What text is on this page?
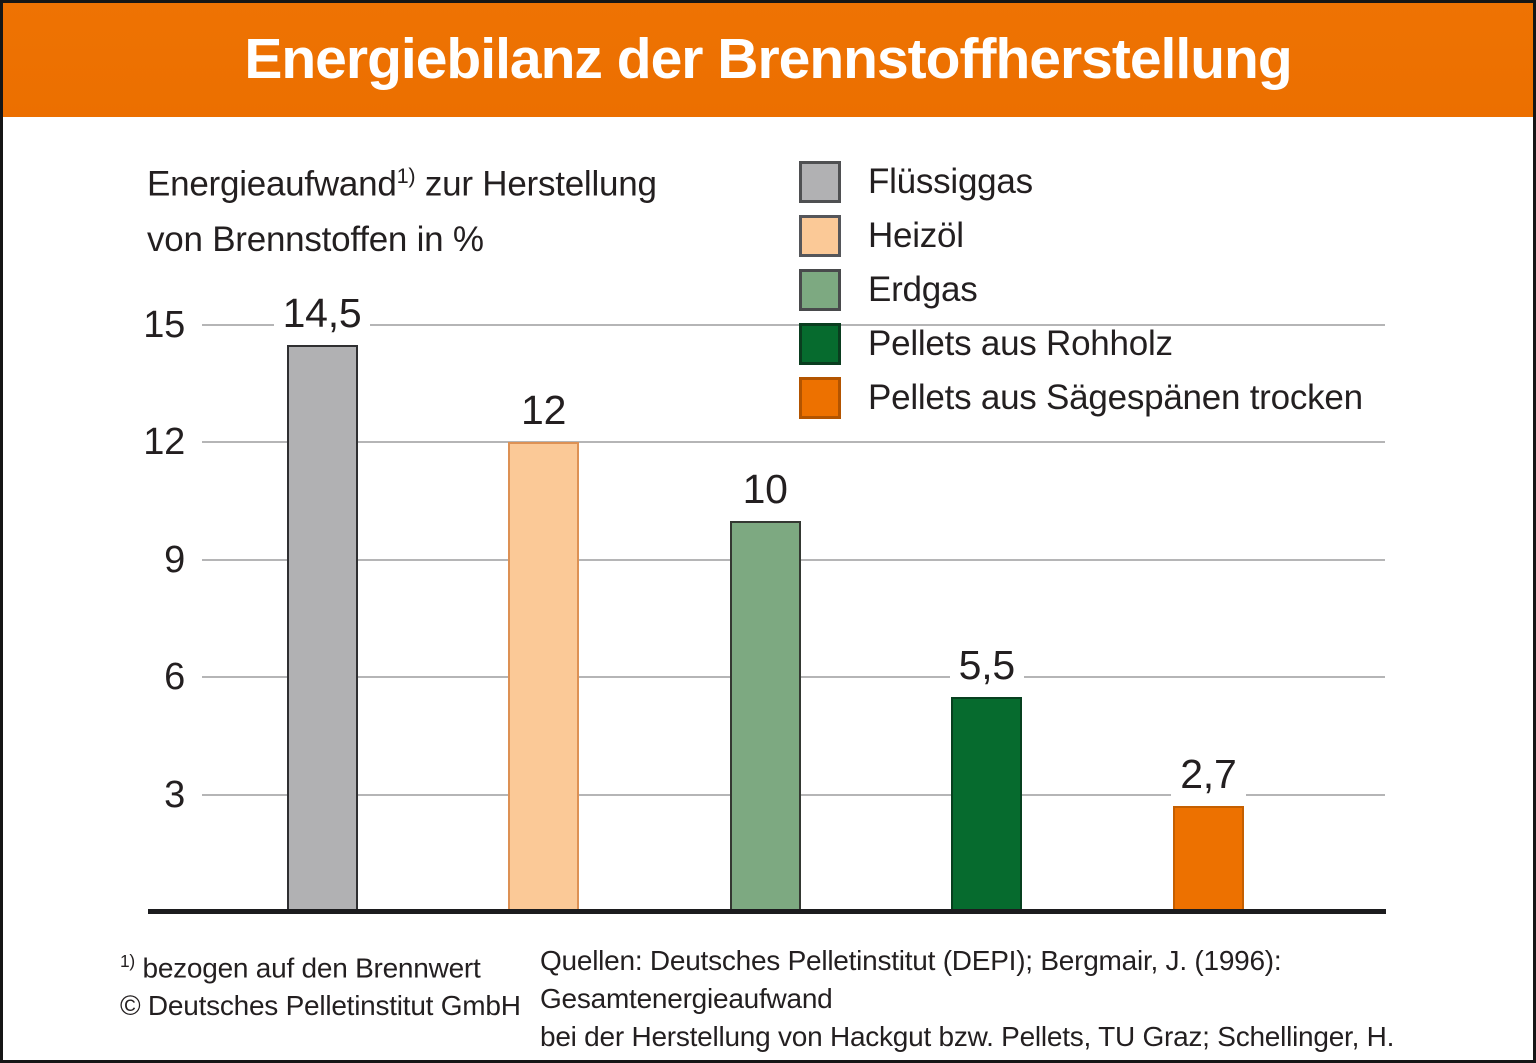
Energiebilanz der Brennstoffherstellung
Energieaufwand$^{1)}$ zur Herstellung
von Brennstoffen in %
Flüssiggas
Heizöl
Erdgas
Pellets aus Rohholz
Pellets aus Sägespänen trocken
3
6
9
12
15	14,5
12
10
5,5
2,7
$^{1)}$ bezogen auf den Brennwert
© Deutsches Pelletinstitut GmbH
Quellen: Deutsches Pelletinstitut (DEPI); Bergmair, J. (1996): Gesamtenergieaufwand
bei der Herstellung von Hackgut bzw. Pellets, TU Graz; Schellinger, H.
